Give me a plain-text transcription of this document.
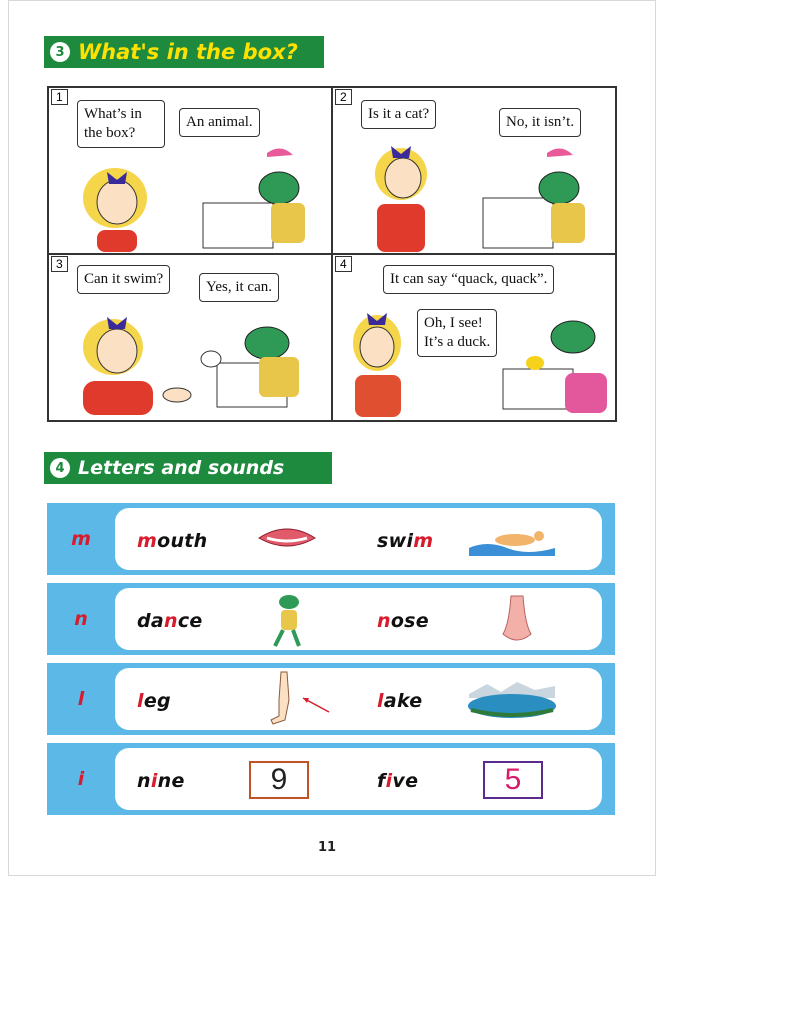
3 What's in the box?
1
What’s in
the box?
An animal.
2
Is it a cat?	No, it isn’t.
3
Can it swim?	Yes, it can.
4
It can say “quack, quack”.
Oh, I see!
It’s a duck.
4 Letters and sounds
m	mouth	swim
n	dance	nose
l	leg	lake
i	nine	9	five	5
11
